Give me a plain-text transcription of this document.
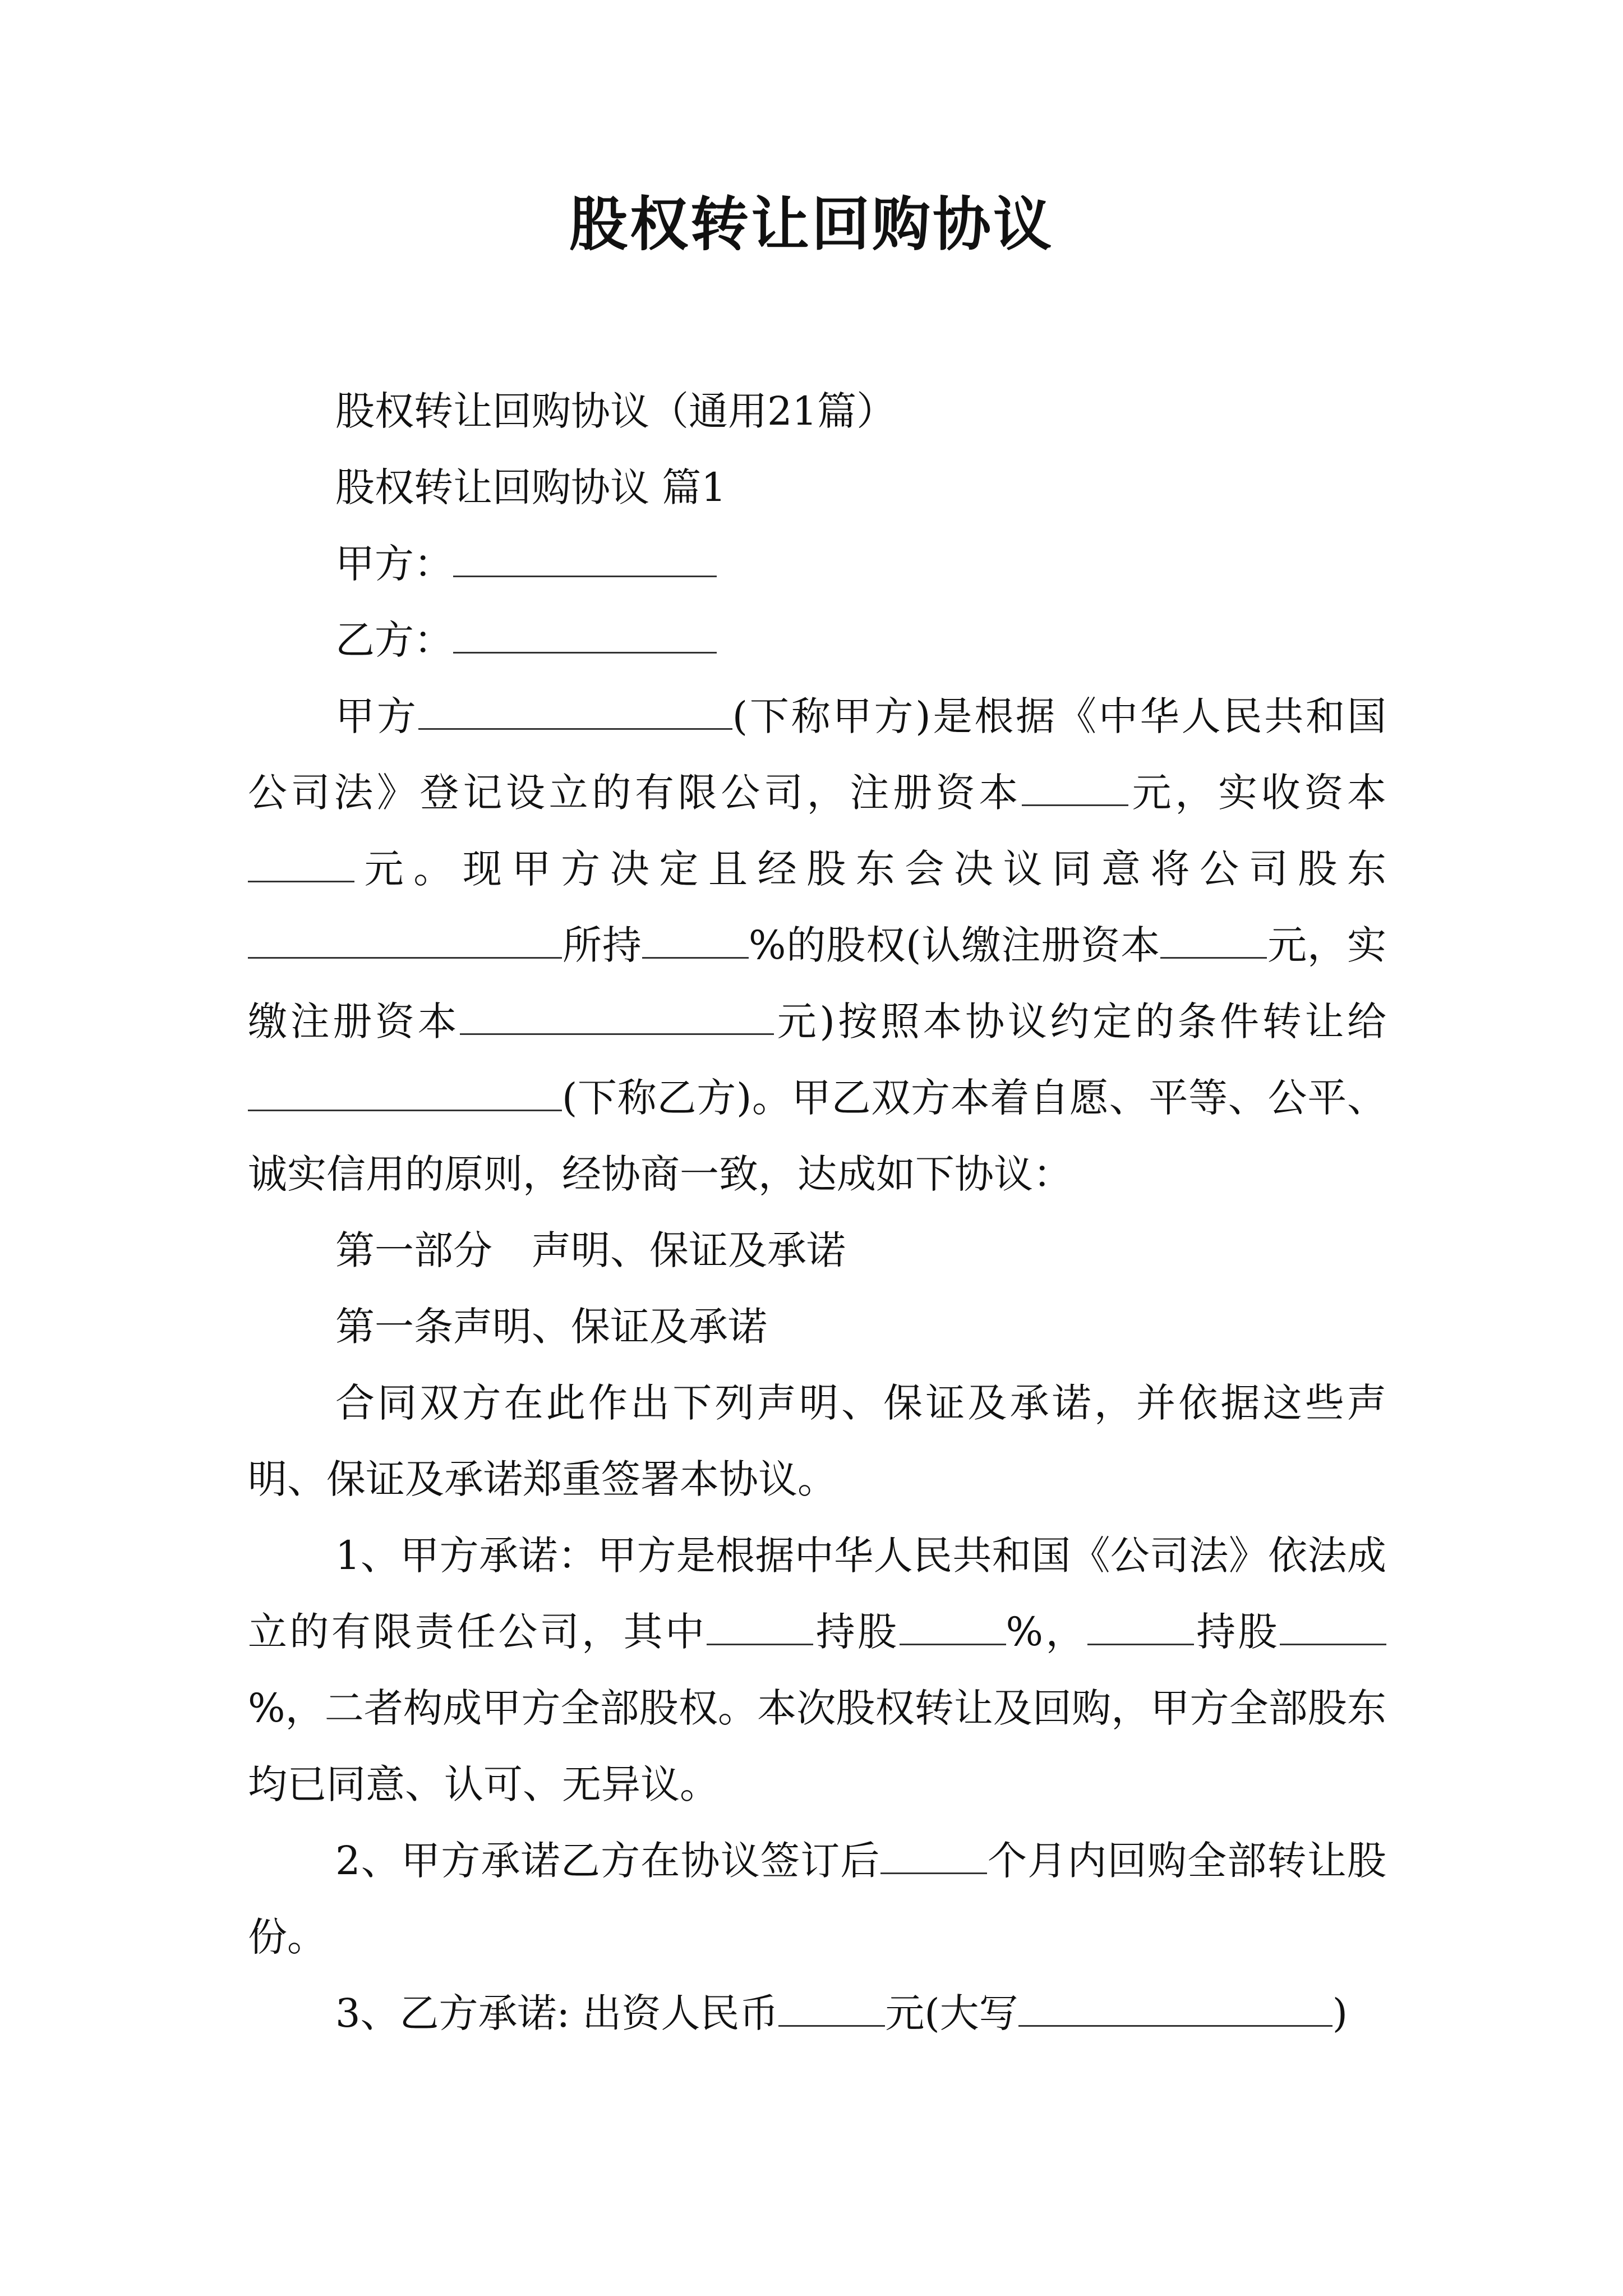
股权转让回购协议

股权转让回购协议（通用21篇）

股权转让回购协议 篇1

甲方：

乙方：

甲方	(下称甲方)是根据《中华人民共和国公司法》登记设立的有限公司，注册资本	元，实收资本元。现甲方决定且经股东会决议同意将公司股东所持	%的股权(认缴注册资本	元，实缴注册资本	元)按照本协议约定的条件转让给(下称乙方)。甲乙双方本着自愿、平等、公平、诚实信用的原则，经协商一致，达成如下协议：

第一部分 声明、保证及承诺

第一条声明、保证及承诺

合同双方在此作出下列声明、保证及承诺，并依据这些声明、保证及承诺郑重签署本协议。

1、甲方承诺：甲方是根据中华人民共和国《公司法》依法成立的有限责任公司，其中	持股	%，	持股%，二者构成甲方全部股权。本次股权转让及回购，甲方全部股东均已同意、认可、无异议。

2、甲方承诺乙方在协议签订后	个月内回购全部转让股份。

3、乙方承诺: 出资人民币	元(大写	)
